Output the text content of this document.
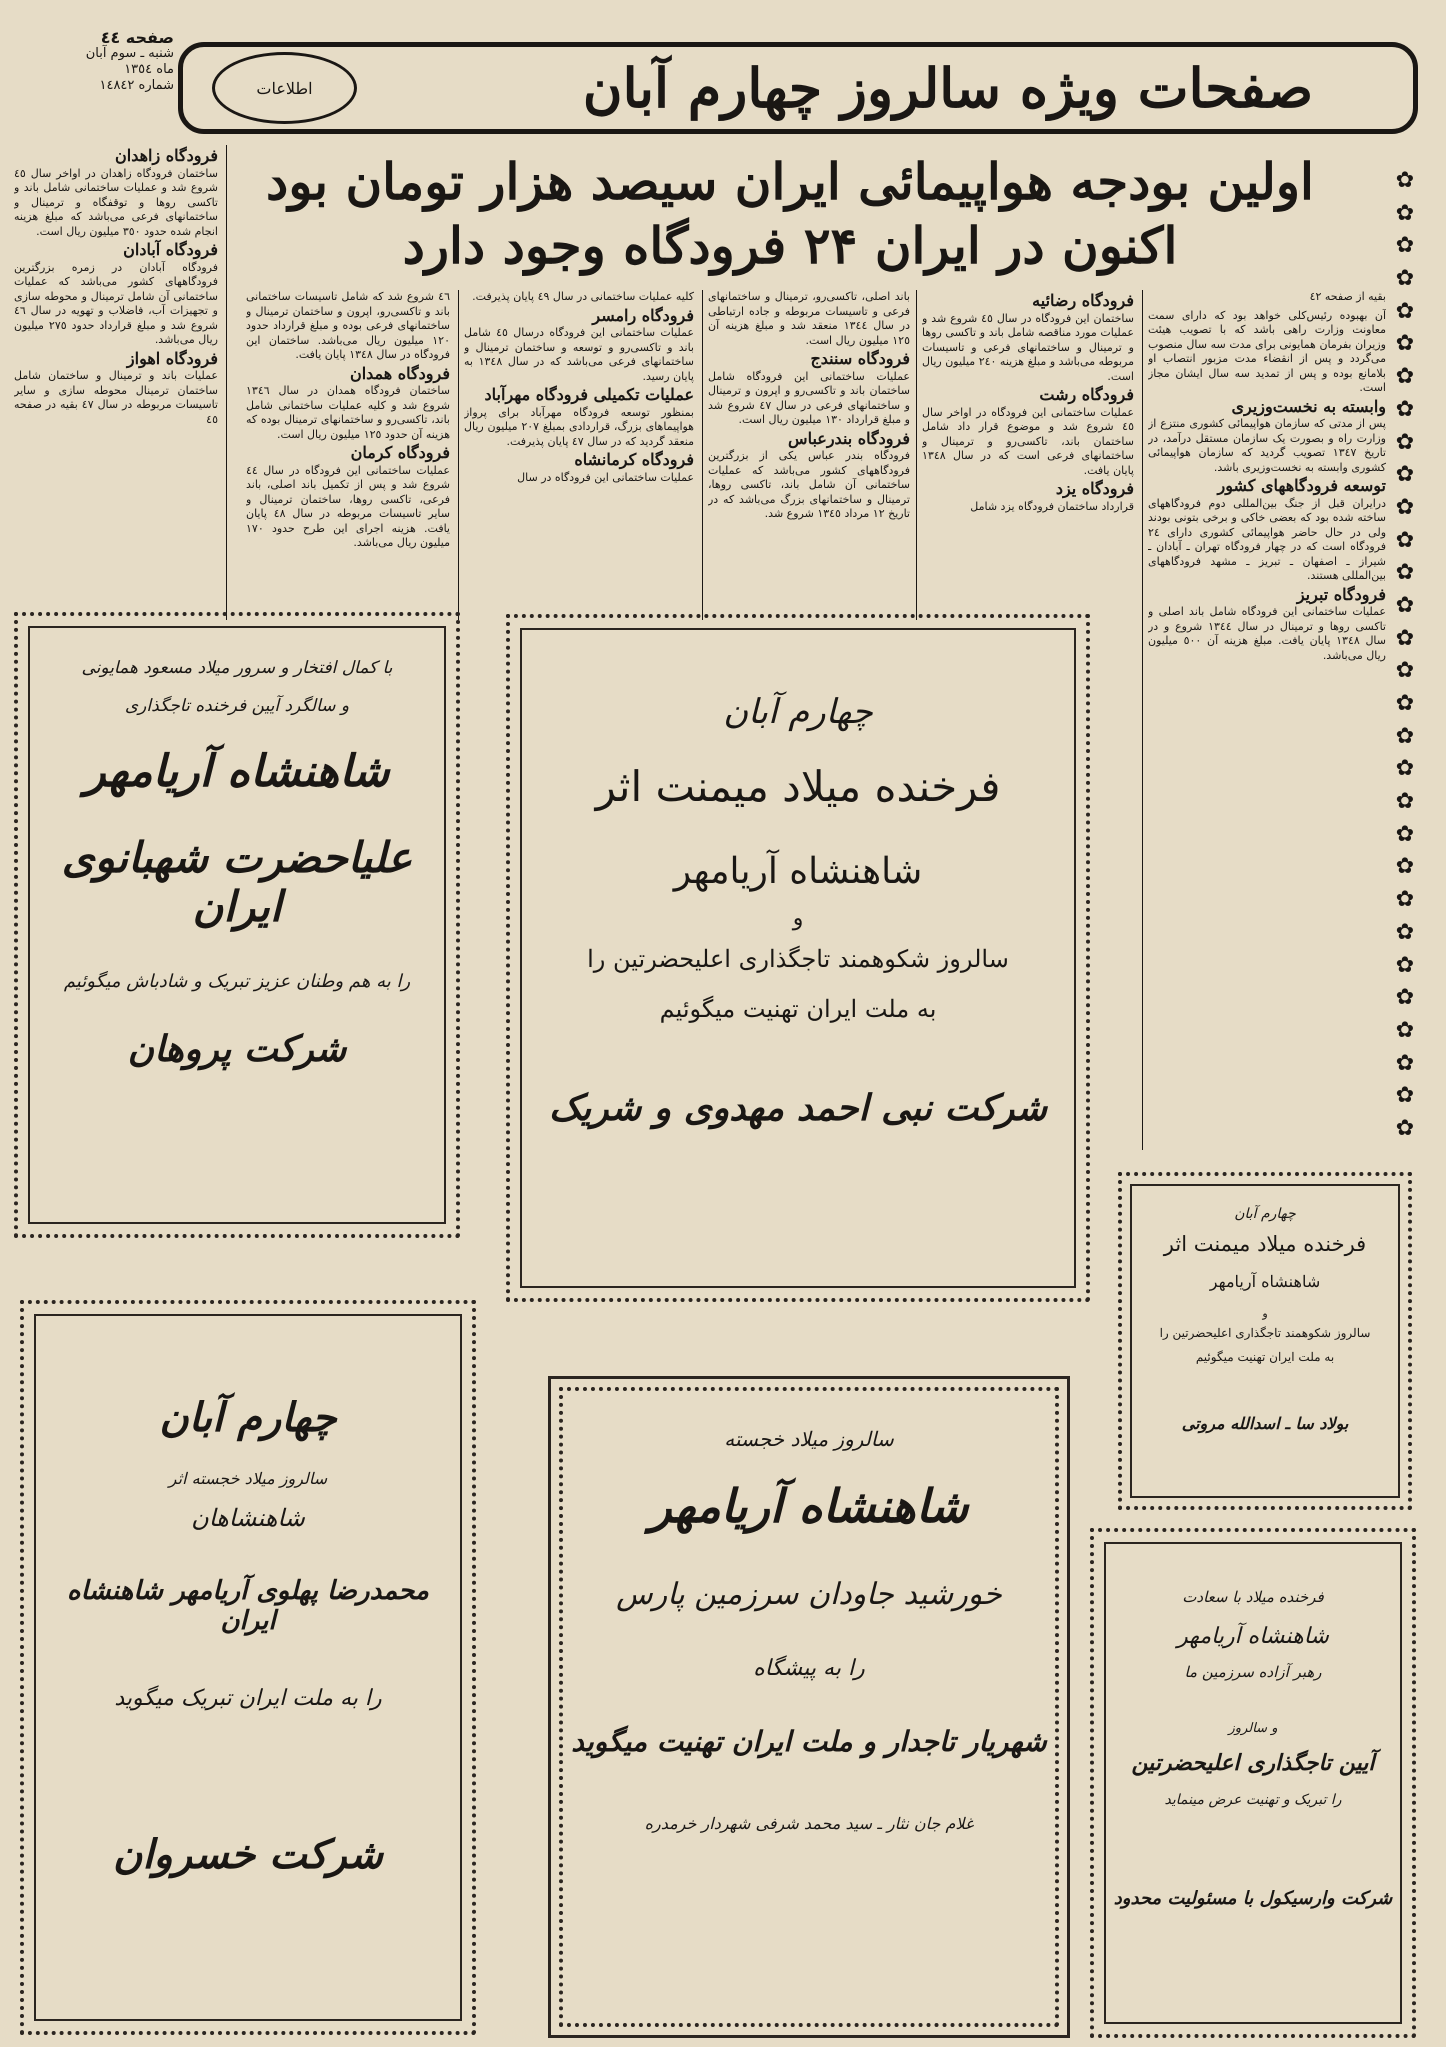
صفحه ٤٤
شنبه ـ سوم آبان
ماه ١٣٥٤
شماره ١٤٨٤٢	صفحات ویژه سالروز چهارم آبان
اطلاعات
اولین بودجه هواپیمائی ایران سیصد هزار تومان بود
اکنون در ایران ۲۴ فرودگاه وجود دارد
✿
✿
✿
✿
✿
✿
✿
✿
✿
✿
✿
✿
✿
✿
✿
✿
✿
✿
✿
✿
✿
✿
✿
✿
✿
✿
✿
✿
✿
✿

بقیه از صفحه ٤٢

آن بهبوده رئیس‌کلی خواهد بود که دارای سمت معاونت وزارت راهی باشد که با تصویب هیئت وزیران بفرمان همایونی برای مدت سه سال منصوب می‌گردد و پس از انقضاء مدت مزبور انتصاب او بلامانع بوده و پس از تمدید سه سال ایشان مجاز است.

وابسته به نخست‌وزیری

پس از مدتی که سازمان هواپیمائی کشوری منتزع از وزارت راه و بصورت یک سازمان مستقل درآمد، در تاریخ ١٣٤٧ تصویب گردید که سازمان هواپیمائی کشوری وابسته به نخست‌وزیری باشد.

توسعه فرودگاههای کشور

درایران قبل از جنگ بین‌المللی دوم فرودگاههای ساخته شده بود که بعضی خاکی و برخی بتونی بودند ولی در حال حاضر هواپیمائی کشوری دارای ۲٤ فرودگاه است که در چهار فرودگاه تهران ـ آبادان ـ شیراز ـ اصفهان ـ تبریز ـ مشهد فرودگاههای بین‌المللی هستند.

فرودگاه تبریز

عملیات ساختمانی این فرودگاه شامل باند اصلی و تاکسی روها و ترمینال در سال ١٣٤٤ شروع و در سال ١٣٤٨ پایان یافت. مبلغ هزینه آن ٥٠٠ میلیون ریال می‌باشد.

فرودگاه رضائیه

ساختمان این فرودگاه در سال ٤٥ شروع شد و عملیات مورد مناقصه شامل باند و تاکسی روها و ترمینال و ساختمانهای فرعی و تاسیسات مربوطه می‌باشد و مبلغ هزینه ٢٤٠ میلیون ریال است.

فرودگاه رشت

عملیات ساختمانی این فرودگاه در اواخر سال ٤٥ شروع شد و موضوع قرار داد شامل ساختمان باند، تاکسی‌رو و ترمینال و ساختمانهای فرعی است که در سال ١٣٤٨ پایان یافت.

فرودگاه یزد

قرارداد ساختمان فرودگاه یزد شامل

باند اصلی، تاکسی‌رو، ترمینال و ساختمانهای فرعی و تاسیسات مربوطه و جاده ارتباطی در سال ١٣٤٤ منعقد شد و مبلغ هزینه آن ١٢٥ میلیون ریال است.

فرودگاه سنندج

عملیات ساختمانی این فرودگاه شامل ساختمان باند و تاکسی‌رو و اپرون و ترمینال و ساختمانهای فرعی در سال ٤٧ شروع شد و مبلغ قرارداد ١٣٠ میلیون ریال است.

فرودگاه بندرعباس

فرودگاه بندر عباس یکی از بزرگترین فرودگاههای کشور می‌باشد که عملیات ساختمانی آن شامل باند، تاکسی روها، ترمینال و ساختمانهای بزرگ می‌باشد که در تاریخ ١٢ مرداد ١٣٤٥ شروع شد.

کلیه عملیات ساختمانی در سال ٤٩ پایان پذیرفت.

فرودگاه رامسر

عملیات ساختمانی این فرودگاه درسال ٤٥ شامل باند و تاکسی‌رو و توسعه و ساختمان ترمینال و ساختمانهای فرعی می‌باشد که در سال ١٣٤٨ به پایان رسید.

عملیات تکمیلی فرودگاه مهرآباد

بمنظور توسعه فرودگاه مهرآباد برای پرواز هواپیماهای بزرگ، قراردادی بمبلغ ٢٠٧ میلیون ریال منعقد گردید که در سال ٤٧ پایان پذیرفت.

فرودگاه کرمانشاه

عملیات ساختمانی این فرودگاه در سال

٤٦ شروع شد که شامل تاسیسات ساختمانی باند و تاکسی‌رو، اپرون و ساختمان ترمینال و ساختمانهای فرعی بوده و مبلغ قرارداد حدود ١٢٠ میلیون ریال می‌باشد. ساختمان این فرودگاه در سال ١٣٤٨ پایان یافت.

فرودگاه همدان

ساختمان فرودگاه همدان در سال ١٣٤٦ شروع شد و کلیه عملیات ساختمانی شامل باند، تاکسی‌رو و ساختمانهای ترمینال بوده که هزینه آن حدود ١٢٥ میلیون ریال است.

فرودگاه کرمان

عملیات ساختمانی این فرودگاه در سال ٤٤ شروع شد و پس از تکمیل باند اصلی، باند فرعی، تاکسی روها، ساختمان ترمینال و سایر تاسیسات مربوطه در سال ٤٨ پایان یافت. هزینه اجرای این طرح حدود ١٧٠ میلیون ریال می‌باشد.

فرودگاه زاهدان

ساختمان فرودگاه زاهدان در اواخر سال ٤٥ شروع شد و عملیات ساختمانی شامل باند و تاکسی روها و توقفگاه و ترمینال و ساختمانهای فرعی می‌باشد که مبلغ هزینه انجام شده حدود ٣٥٠ میلیون ریال است.

فرودگاه آبادان

فرودگاه آبادان در زمره بزرگترین فرودگاههای کشور می‌باشد که عملیات ساختمانی آن شامل ترمینال و محوطه سازی و تجهیزات آب، فاضلاب و تهویه در سال ٤٦ شروع شد و مبلغ قرارداد حدود ٢٧٥ میلیون ریال می‌باشد.

فرودگاه اهواز

عملیات باند و ترمینال و ساختمان شامل ساختمان ترمینال محوطه سازی و سایر تاسیسات مربوطه در سال ٤٧ بقیه در صفحه ٤٥

با کمال افتخار و سرور میلاد مسعود همایونی
و سالگرد آیین فرخنده تاجگذاری
شاهنشاه آریامهر
علیاحضرت شهبانوی ایران
را به هم وطنان عزیز تبریک و شادباش میگوئیم
شرکت پروهان
چهارم آبان
فرخنده میلاد میمنت اثر
شاهنشاه آریامهر
و
سالروز شکوهمند تاجگذاری اعلیحضرتین را
به ملت ایران تهنیت میگوئیم
شرکت نبی احمد مهدوی و شریک
چهارم آبان
فرخنده میلاد میمنت اثر
شاهنشاه آریامهر
و
سالروز شکوهمند تاجگذاری اعلیحضرتین را
به ملت ایران تهنیت میگوئیم
بولاد سا ـ اسدالله مروتی
چهارم آبان
سالروز میلاد خجسته اثر
شاهنشاهان
محمدرضا پهلوی آریامهر شاهنشاه ایران
را به ملت ایران تبریک میگوید
شرکت خسروان
سالروز میلاد خجسته
شاهنشاه آریامهر
خورشید جاودان سرزمین پارس
را به پیشگاه
شهریار تاجدار و ملت ایران تهنیت میگوید
غلام جان نثار ـ سید محمد شرفی شهردار خرمدره
فرخنده میلاد با سعادت
شاهنشاه آریامهر
رهبر آزاده سرزمین ما
و سالروز
آیین تاجگذاری اعلیحضرتین
را تبریک و تهنیت عرض مینماید
شرکت وارسیکول با مسئولیت محدود
